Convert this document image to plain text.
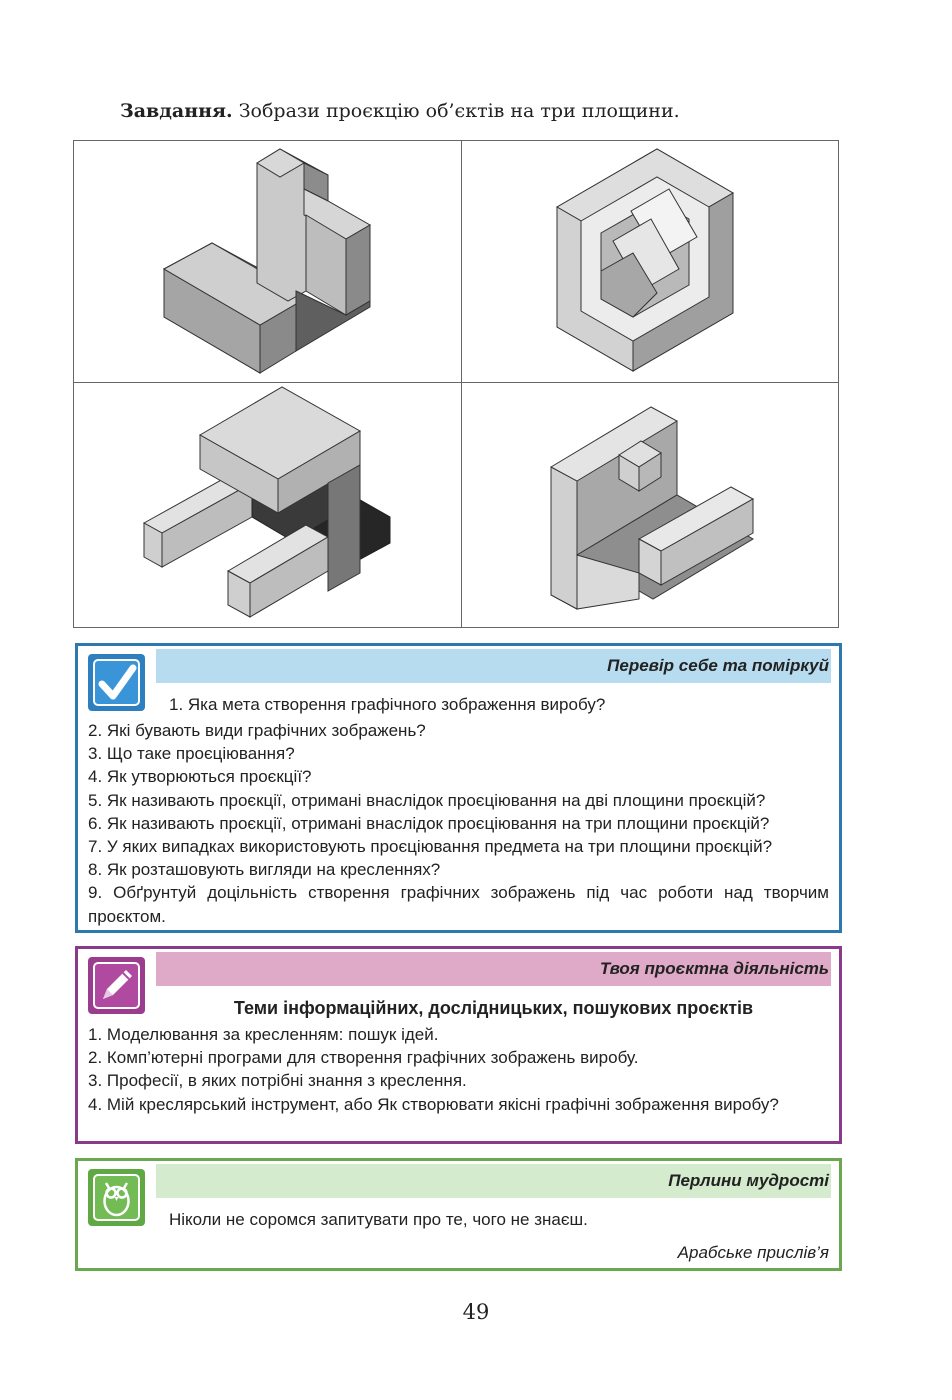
Завдання. Зобрази проєкцію об’єктів на три площини.
Перевір себе та поміркуй
1. Яка мета створення графічного зображення виробу?
2. Які бувають види графічних зображень?
3. Що таке проєціювання?
4. Як утворюються проєкції?
5. Як називають проєкції, отримані внаслідок проєціювання на дві площини проєкцій?
6. Як називають проєкції, отримані внаслідок проєціювання на три площини проєкцій?
7. У яких випадках використовують проєціювання предмета на три площини проєкцій?
8. Як розташовують вигляди на кресленнях?
9. Обґрунтуй доцільність створення графічних зображень під час роботи над творчим проєктом.
Твоя проєктна діяльність
Теми інформаційних, дослідницьких, пошукових проєктів
1. Моделювання за кресленням: пошук ідей.
2. Комп’ютерні програми для створення графічних зображень виробу.
3. Професії, в яких потрібні знання з креслення.
4. Мій креслярський інструмент, або Як створювати якісні графічні зображення виробу?
Перлини мудрості
Ніколи не соромся запитувати про те, чого не знаєш.
Арабське прислів’я
49
